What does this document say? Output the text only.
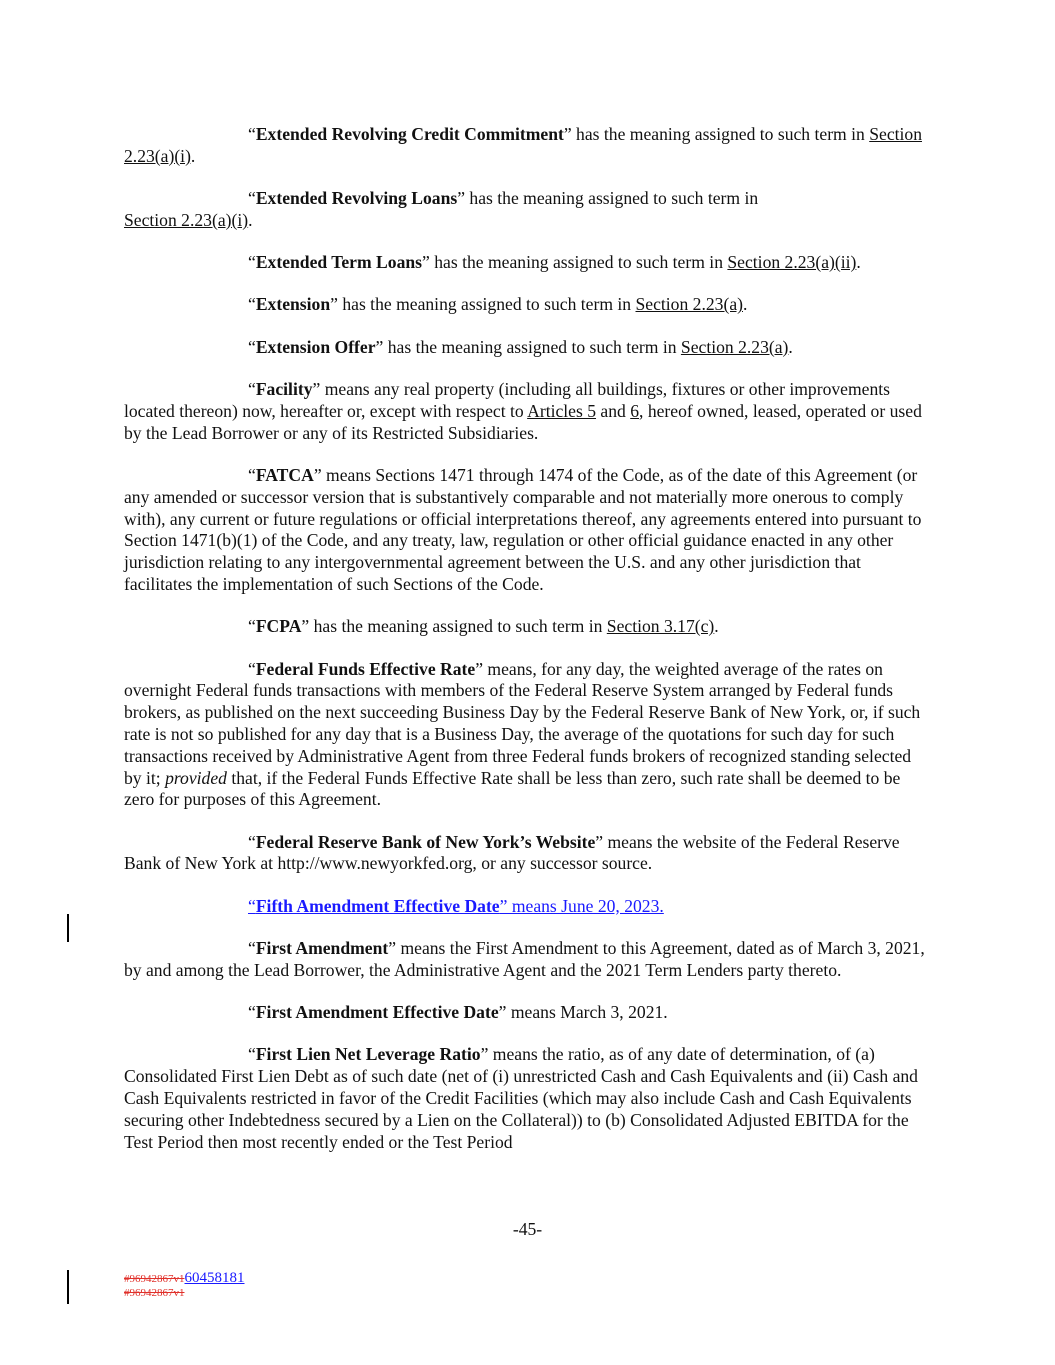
“Extended Revolving Credit Commitment” has the meaning assigned to such term in Section 2.23(a)(i).

“Extended Revolving Loans” has the meaning assigned to such term in Section 2.23(a)(i).

“Extended Term Loans” has the meaning assigned to such term in Section 2.23(a)(ii).

“Extension” has the meaning assigned to such term in Section 2.23(a).

“Extension Offer” has the meaning assigned to such term in Section 2.23(a).

“Facility” means any real property (including all buildings, fixtures or other improvements located thereon) now, hereafter or, except with respect to Articles 5 and 6, hereof owned, leased, operated or used by the Lead Borrower or any of its Restricted Subsidiaries.

“FATCA” means Sections 1471 through 1474 of the Code, as of the date of this Agreement (or any amended or successor version that is substantively comparable and not materially more onerous to comply with), any current or future regulations or official interpretations thereof, any agreements entered into pursuant to Section 1471(b)(1) of the Code, and any treaty, law, regulation or other official guidance enacted in any other jurisdiction relating to any intergovernmental agreement between the U.S. and any other jurisdiction that facilitates the implementation of such Sections of the Code.

“FCPA” has the meaning assigned to such term in Section 3.17(c).

“Federal Funds Effective Rate” means, for any day, the weighted average of the rates on overnight Federal funds transactions with members of the Federal Reserve System arranged by Federal funds brokers, as published on the next succeeding Business Day by the Federal Reserve Bank of New York, or, if such rate is not so published for any day that is a Business Day, the average of the quotations for such day for such transactions received by Administrative Agent from three Federal funds brokers of recognized standing selected by it; provided that, if the Federal Funds Effective Rate shall be less than zero, such rate shall be deemed to be zero for purposes of this Agreement.

“Federal Reserve Bank of New York’s Website” means the website of the Federal Reserve Bank of New York at http://www.newyorkfed.org, or any successor source.

“Fifth Amendment Effective Date” means June 20, 2023.

“First Amendment” means the First Amendment to this Agreement, dated as of March 3, 2021, by and among the Lead Borrower, the Administrative Agent and the 2021 Term Lenders party thereto.

“First Amendment Effective Date” means March 3, 2021.

“First Lien Net Leverage Ratio” means the ratio, as of any date of determination, of (a) Consolidated First Lien Debt as of such date (net of (i) unrestricted Cash and Cash Equivalents and (ii) Cash and Cash Equivalents restricted in favor of the Credit Facilities (which may also include Cash and Cash Equivalents securing other Indebtedness secured by a Lien on the Collateral)) to (b) Consolidated Adjusted EBITDA for the Test Period then most recently ended or the Test Period

-45-
#96942867v160458181
#96942867v1
